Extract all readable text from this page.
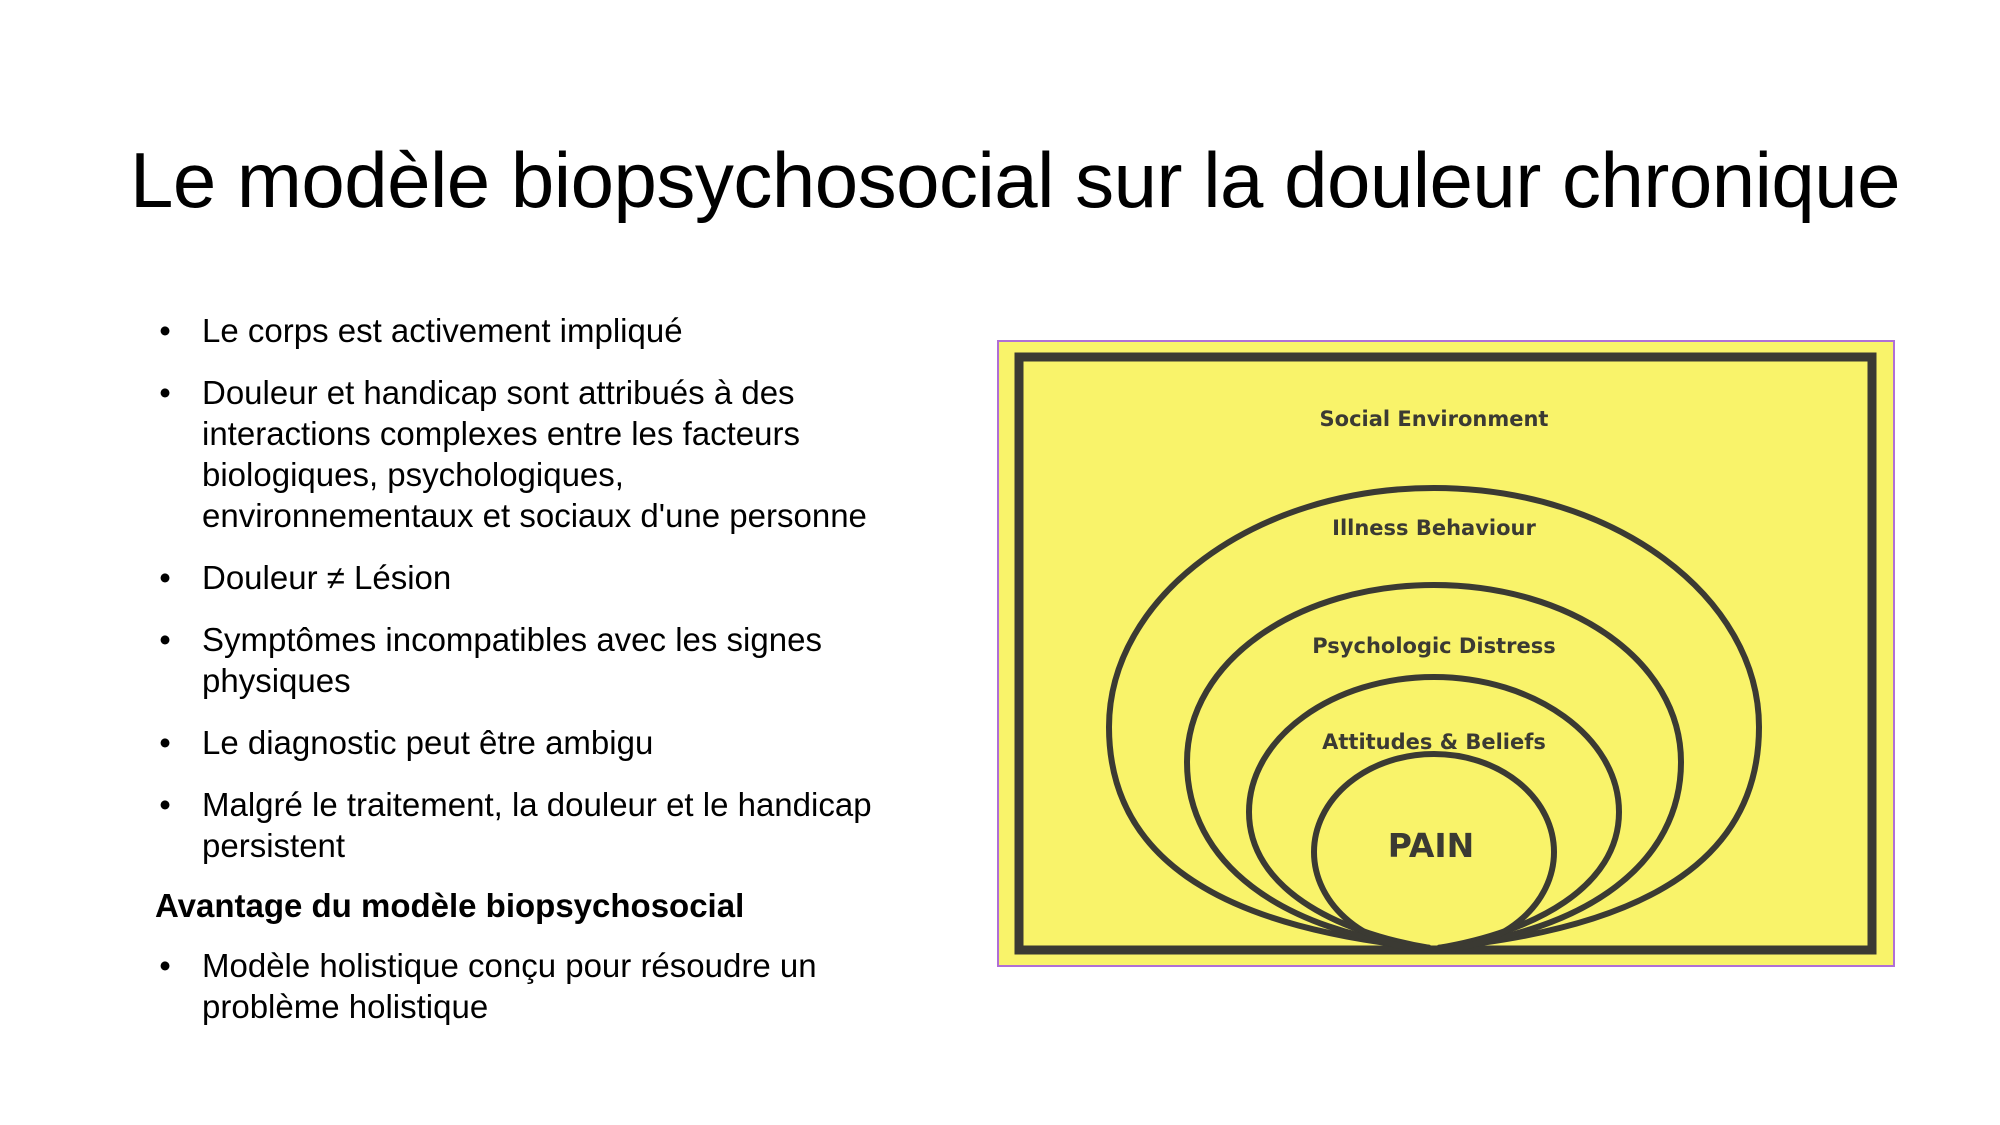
Le modèle biopsychosocial sur la douleur chronique
• Le corps est activement impliqué
• Douleur et handicap sont attribués à des interactions complexes entre les facteurs biologiques, psychologiques, environnementaux et sociaux d'une personne
• Douleur ≠ Lésion
• Symptômes incompatibles avec les signes physiques
• Le diagnostic peut être ambigu
• Malgré le traitement, la douleur et le handicap persistent
Avantage du modèle biopsychosocial
• Modèle holistique conçu pour résoudre un problème holistique
Social Environment
Illness Behaviour
Psychologic Distress
Attitudes & Beliefs
PAIN
